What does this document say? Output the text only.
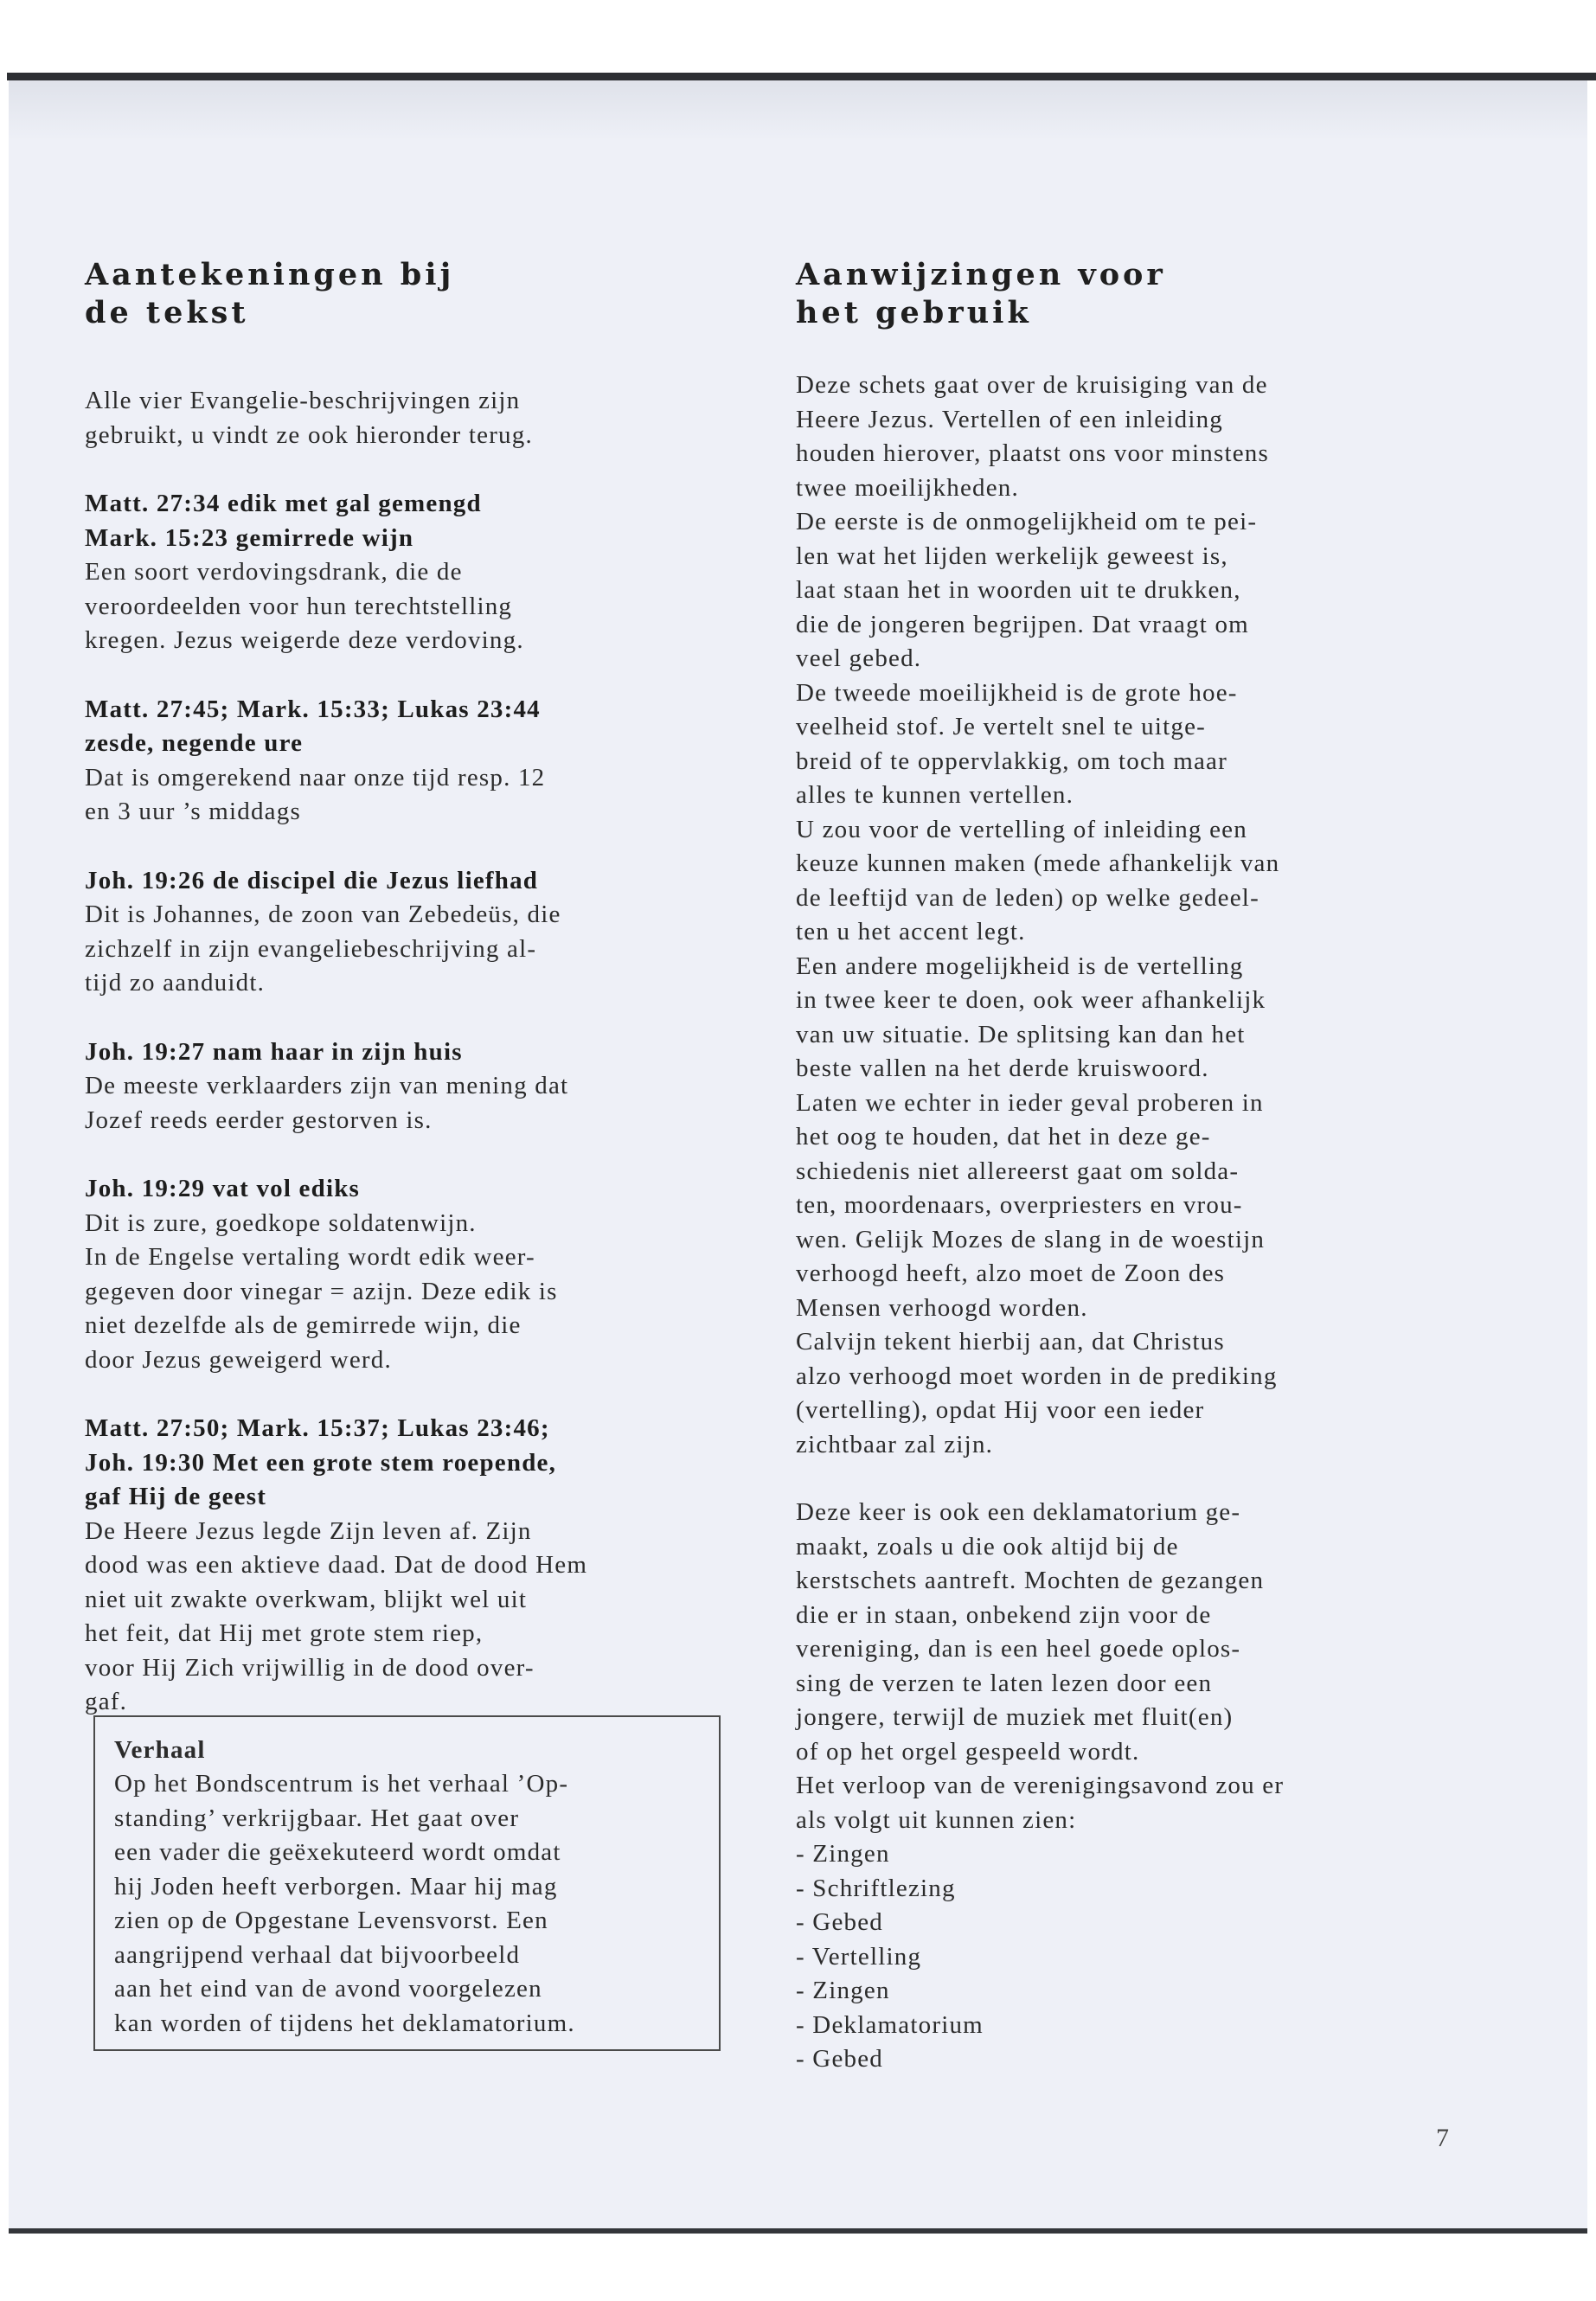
Aantekeningen bij
de tekst

Alle vier Evangelie-beschrijvingen zijn
gebruikt, u vindt ze ook hieronder terug.

Matt. 27:34 edik met gal gemengd
Mark. 15:23 gemirrede wijn
Een soort verdovingsdrank, die de
veroordeelden voor hun terechtstelling
kregen. Jezus weigerde deze verdoving.
Matt. 27:45; Mark. 15:33; Lukas 23:44
zesde, negende ure
Dat is omgerekend naar onze tijd resp. 12
en 3 uur ’s middags
Joh. 19:26 de discipel die Jezus liefhad
Dit is Johannes, de zoon van Zebedeüs, die
zichzelf in zijn evangeliebeschrijving al-
tijd zo aanduidt.
Joh. 19:27 nam haar in zijn huis
De meeste verklaarders zijn van mening dat
Jozef reeds eerder gestorven is.
Joh. 19:29 vat vol ediks
Dit is zure, goedkope soldatenwijn.
In de Engelse vertaling wordt edik weer-
gegeven door vinegar = azijn. Deze edik is
niet dezelfde als de gemirrede wijn, die
door Jezus geweigerd werd.
Matt. 27:50; Mark. 15:37; Lukas 23:46;
Joh. 19:30 Met een grote stem roepende,
gaf Hij de geest
De Heere Jezus legde Zijn leven af. Zijn
dood was een aktieve daad. Dat de dood Hem
niet uit zwakte overkwam, blijkt wel uit
het feit, dat Hij met grote stem riep,
voor Hij Zich vrijwillig in de dood over-
gaf.
Verhaal
Op het Bondscentrum is het verhaal ’Op-
standing’ verkrijgbaar. Het gaat over
een vader die geëxekuteerd wordt omdat
hij Joden heeft verborgen. Maar hij mag
zien op de Opgestane Levensvorst. Een
aangrijpend verhaal dat bijvoorbeeld
aan het eind van de avond voorgelezen
kan worden of tijdens het deklamatorium.
Aanwijzingen voor
het gebruik
Deze schets gaat over de kruisiging van de
Heere Jezus. Vertellen of een inleiding
houden hierover, plaatst ons voor minstens
twee moeilijkheden.
De eerste is de onmogelijkheid om te pei-
len wat het lijden werkelijk geweest is,
laat staan het in woorden uit te drukken,
die de jongeren begrijpen. Dat vraagt om
veel gebed.
De tweede moeilijkheid is de grote hoe-
veelheid stof. Je vertelt snel te uitge-
breid of te oppervlakkig, om toch maar
alles te kunnen vertellen.
U zou voor de vertelling of inleiding een
keuze kunnen maken (mede afhankelijk van
de leeftijd van de leden) op welke gedeel-
ten u het accent legt.
Een andere mogelijkheid is de vertelling
in twee keer te doen, ook weer afhankelijk
van uw situatie. De splitsing kan dan het
beste vallen na het derde kruiswoord.
Laten we echter in ieder geval proberen in
het oog te houden, dat het in deze ge-
schiedenis niet allereerst gaat om solda-
ten, moordenaars, overpriesters en vrou-
wen. Gelijk Mozes de slang in de woestijn
verhoogd heeft, alzo moet de Zoon des
Mensen verhoogd worden.
Calvijn tekent hierbij aan, dat Christus
alzo verhoogd moet worden in de prediking
(vertelling), opdat Hij voor een ieder
zichtbaar zal zijn.
Deze keer is ook een deklamatorium ge-
maakt, zoals u die ook altijd bij de
kerstschets aantreft. Mochten de gezangen
die er in staan, onbekend zijn voor de
vereniging, dan is een heel goede oplos-
sing de verzen te laten lezen door een
jongere, terwijl de muziek met fluit(en)
of op het orgel gespeeld wordt.
Het verloop van de verenigingsavond zou er
als volgt uit kunnen zien:
- Zingen
- Schriftlezing
- Gebed
- Vertelling
- Zingen
- Deklamatorium
- Gebed
7
